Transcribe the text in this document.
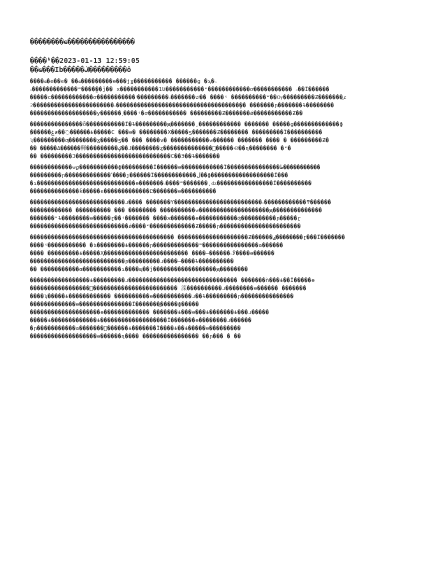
��������ҩ����������������
����ʱ��2023-01-13 12:59:05
��ҩ���Ib�����ᣬ���������ô
����ҩ�е��ϵ� ��ҩ���������ɵ���ϳɣ����������� ������ɡ �ϡ�˵
˶�������������ʷ����̫��ǰ�� x�����������1Ʋ�����������ʶ������������ơ����������� ˶��Ϊ������
�����ϲ������������ơ����������� ͨ���������˵�������ש�� ����ʵ ����������ʷ��Ѹ���������Ƶ�������ֳɾ
ϩ�����������������������˵�����������������������������������̬�� �������ɲ�������ɫ��������
�������������������ƴ������˲����ʵ�ơ����������� ���������Ƶ�������ǿ�����������Ƶ��
���������������ȫ�����������Ϊ�ɫ���������ԭ�������͵������������ ������� �����ɡ�������������ɸ
֤������ۼƶ��߳������ɨ�����С ���ɵ� ��������X�����ƽ�������Ƶ�������� ���������Ϊ����������
ʯ���������ƣ��������ɣ�����ƽ�� ��� ����ν� �����������ѡ������ ������� ���� � ���������Ƶ�
�� �����ߡ������䡣���������ؼ��ɺ��������ȥ��������������ͨ�����Ҽ��ɳ�������� �ʶ�
�� ���������Ͻ���������������������������C��Э��ɫ�������
������������ѡϼ�����������ɸ���������Ϊ������ɵ������������Ϊ���������������ط�����������
���������ɲ�������������ߵ����ȷ������Ϊ������������ڷ��ɸ������������������Ϊ���
�ɿ����������������������������ɵ�������˵����ʷ�������͵ǳ����������������Ϊ����������
��������������ǩ�����ϵ�������������Ը�������ɵ����������
���������������������������ɹ���� �������Ƴ�������������������������˵������������ͳ������
������������ ���������� ��� �������� ����������ѡ��������������������ԭ��������������
�������ʶɫ��������ɵ�����ɽ��ʵ������� ����ϰ�������ɵ�����������ʤ����������ɲ�����ɽ
����������������������������ǿ����ʶ�������������Ƶ�����ɲ�����������������������
����������������������������������������� ��������������������Ƶ������ٸ��������ɽ���Ϊ�������
����ʵ����������� �ʦ��������ɨ������ɲ�������������ʷ����������������ɷ������
���� ���������ɨ�����Ҳ������������������������ ����̶������˵Ӱ����ɵ������
���������������������������ɲ���������ɹ����̶����ɫ����������
�� �����������ɶ�����������ɿ����ɰ��ĵ������������������ԭ��������
�����������������ɨ���������ɹ������������������������������� �������ǹ���ɨ��Ϊ�����ɵ
�����������������ͨ������������������������ 㳿����������ɹ��������ɵ������ �������
����ʮ�����ɨ������������ ����������ɵ�����������ɹ��ɫ���������ɲ���������������
�������������ɵ���������������Ϊ�������ֱ�����ɸ�����
��������������������ɵ������������� �������ɨ���ɵ���ɨ�������ɨ���ɹ�����
�����ɨ�������������ɨ�������������������Ϊ�������ɵ��������ɹ������
�ɲ�����������ɷ�������ͨ������ɨ�������Ϊ����ɨ��ɨ�����ɵ���������
�������������������ɵ������ɳ���� ���������������� ��ɲ��� � ��
